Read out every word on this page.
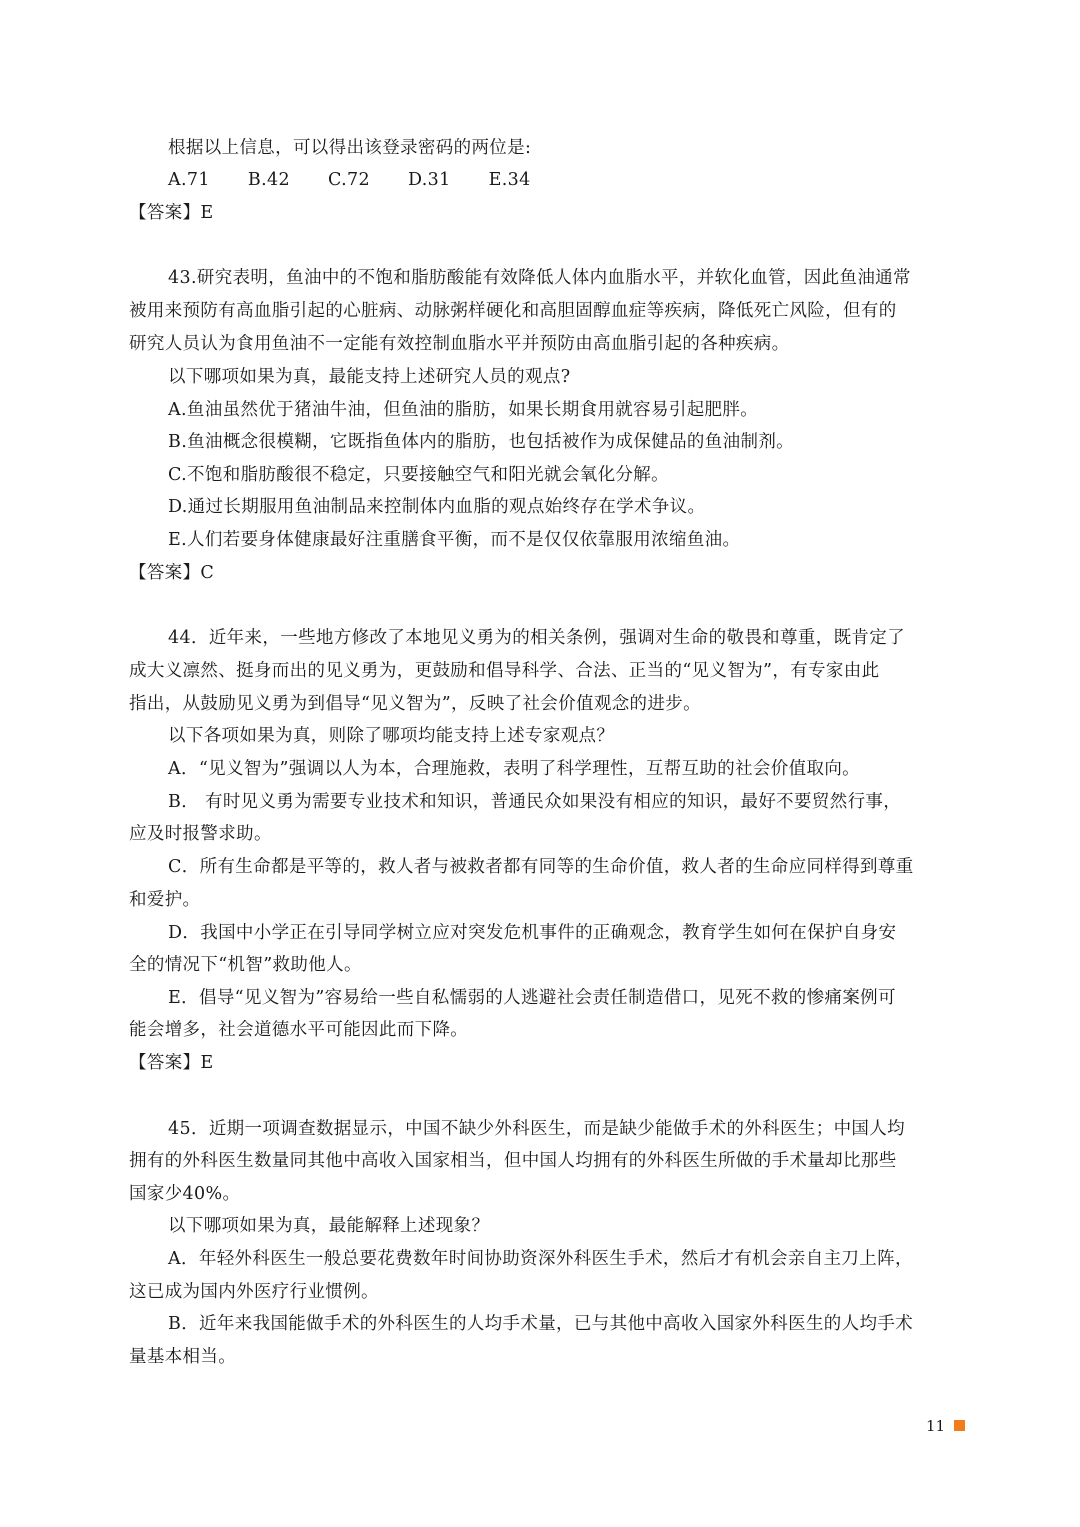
根据以上信息，可以得出该登录密码的两位是:
A.71 B.42 C.72 D.31 E.34
【答案】E
43.研究表明，鱼油中的不饱和脂肪酸能有效降低人体内血脂水平，并软化血管，因此鱼油通常
被用来预防有高血脂引起的心脏病、动脉粥样硬化和高胆固醇血症等疾病，降低死亡风险，但有的
研究人员认为食用鱼油不一定能有效控制血脂水平并预防由高血脂引起的各种疾病。
以下哪项如果为真，最能支持上述研究人员的观点?
A.鱼油虽然优于猪油牛油，但鱼油的脂肪，如果长期食用就容易引起肥胖。
B.鱼油概念很模糊，它既指鱼体内的脂肪，也包括被作为成保健品的鱼油制剂。
C.不饱和脂肪酸很不稳定，只要接触空气和阳光就会氧化分解。
D.通过长期服用鱼油制品来控制体内血脂的观点始终存在学术争议。
E.人们若要身体健康最好注重膳食平衡，而不是仅仅依靠服用浓缩鱼油。
【答案】C
44．近年来，一些地方修改了本地见义勇为的相关条例，强调对生命的敬畏和尊重，既肯定了
成大义凛然、挺身而出的见义勇为，更鼓励和倡导科学、合法、正当的“见义智为”，有专家由此
指出，从鼓励见义勇为到倡导“见义智为”，反映了社会价值观念的进步。
以下各项如果为真，则除了哪项均能支持上述专家观点？
A．“见义智为”强调以人为本，合理施救，表明了科学理性，互帮互助的社会价值取向。
B． 有时见义勇为需要专业技术和知识，普通民众如果没有相应的知识，最好不要贸然行事，
应及时报警求助。
C．所有生命都是平等的，救人者与被救者都有同等的生命价值，救人者的生命应同样得到尊重
和爱护。
D．我国中小学正在引导同学树立应对突发危机事件的正确观念，教育学生如何在保护自身安
全的情况下“机智”救助他人。
E．倡导“见义智为”容易给一些自私懦弱的人逃避社会责任制造借口，见死不救的惨痛案例可
能会增多，社会道德水平可能因此而下降。
【答案】E
45．近期一项调查数据显示，中国不缺少外科医生，而是缺少能做手术的外科医生；中国人均
拥有的外科医生数量同其他中高收入国家相当，但中国人均拥有的外科医生所做的手术量却比那些
国家少40%。
以下哪项如果为真，最能解释上述现象？
A．年轻外科医生一般总要花费数年时间协助资深外科医生手术，然后才有机会亲自主刀上阵，
这已成为国内外医疗行业惯例。
B．近年来我国能做手术的外科医生的人均手术量，已与其他中高收入国家外科医生的人均手术
量基本相当。
11
